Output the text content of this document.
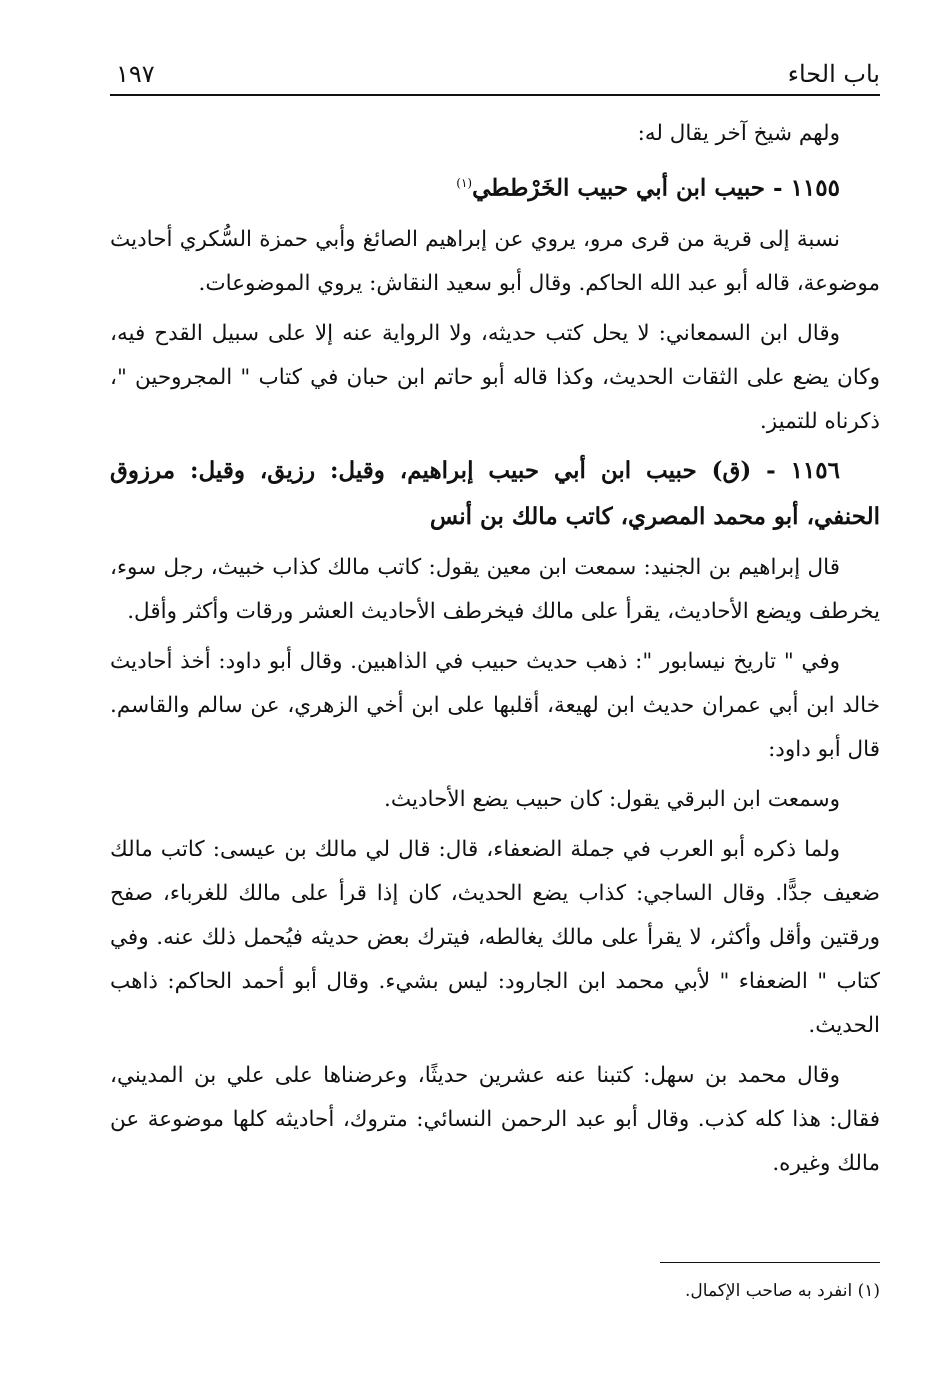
باب الحاء
١٩٧

ولهم شيخ آخر يقال له:

١١٥٥ - حبيب ابن أبي حبيب الخَرْططي$^{(١)}$

نسبة إلى قرية من قرى مرو، يروي عن إبراهيم الصائغ وأبي حمزة السُّكري أحاديث موضوعة، قاله أبو عبد الله الحاكم. وقال أبو سعيد النقاش: يروي الموضوعات.

وقال ابن السمعاني: لا يحل كتب حديثه، ولا الرواية عنه إلا على سبيل القدح فيه، وكان يضع على الثقات الحديث، وكذا قاله أبو حاتم ابن حبان في كتاب " المجروحين "، ذكرناه للتميز.

١١٥٦ - (ق) حبيب ابن أبي حبيب إبراهيم، وقيل: رزيق، وقيل: مرزوق الحنفي، أبو محمد المصري، كاتب مالك بن أنس

قال إبراهيم بن الجنيد: سمعت ابن معين يقول: كاتب مالك كذاب خبيث، رجل سوء، يخرطف ويضع الأحاديث، يقرأ على مالك فيخرطف الأحاديث العشر ورقات وأكثر وأقل.

وفي " تاريخ نيسابور ": ذهب حديث حبيب في الذاهبين. وقال أبو داود: أخذ أحاديث خالد ابن أبي عمران حديث ابن لهيعة، أقلبها على ابن أخي الزهري، عن سالم والقاسم. قال أبو داود:

وسمعت ابن البرقي يقول: كان حبيب يضع الأحاديث.

ولما ذكره أبو العرب في جملة الضعفاء، قال: قال لي مالك بن عيسى: كاتب مالك ضعيف جدًّا. وقال الساجي: كذاب يضع الحديث، كان إذا قرأ على مالك للغرباء، صفح ورقتين وأقل وأكثر، لا يقرأ على مالك يغالطه، فيترك بعض حديثه فيُحمل ذلك عنه. وفي كتاب " الضعفاء " لأبي محمد ابن الجارود: ليس بشيء. وقال أبو أحمد الحاكم: ذاهب الحديث.

وقال محمد بن سهل: كتبنا عنه عشرين حديثًا، وعرضناها على علي بن المديني، فقال: هذا كله كذب. وقال أبو عبد الرحمن النسائي: متروك، أحاديثه كلها موضوعة عن مالك وغيره.

(١) انفرد به صاحب الإكمال.
